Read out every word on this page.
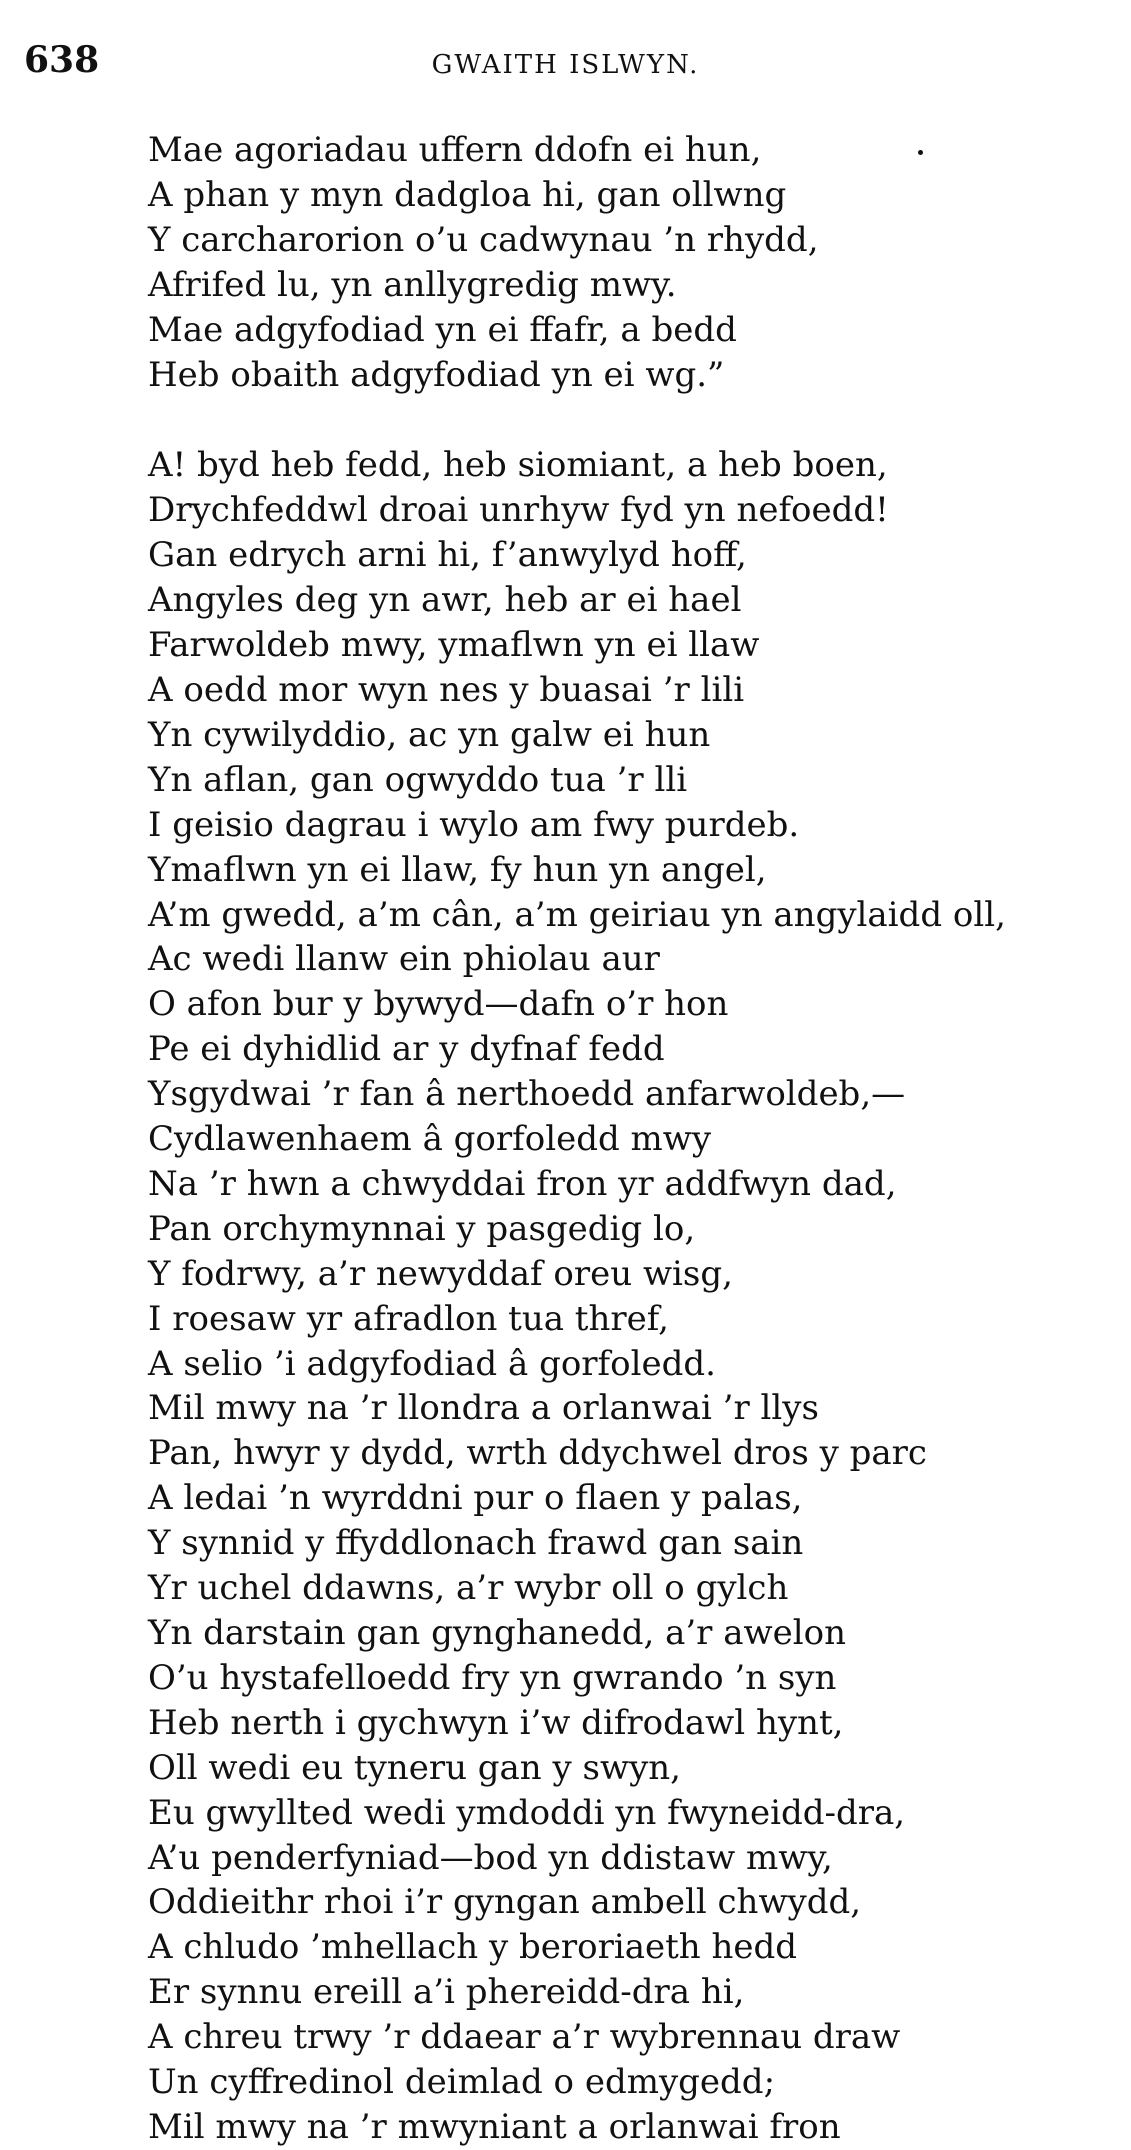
638	GWAITH ISLWYN.
Mae agoriadau uffern ddofn ei hun,
A phan y myn dadgloa hi, gan ollwng
Y carcharorion o’u cadwynau ’n rhydd,
Afrifed lu, yn anllygredig mwy.
Mae adgyfodiad yn ei ffafr, a bedd
Heb obaith adgyfodiad yn ei wg.”
A! byd heb fedd, heb siomiant, a heb boen,
Drychfeddwl droai unrhyw fyd yn nefoedd!
Gan edrych arni hi, f’anwylyd hoff,
Angyles deg yn awr, heb ar ei hael
Farwoldeb mwy, ymaflwn yn ei llaw
A oedd mor wyn nes y buasai ’r lili
Yn cywilyddio, ac yn galw ei hun
Yn aflan, gan ogwyddo tua ’r lli
I geisio dagrau i wylo am fwy purdeb.
Ymaflwn yn ei llaw, fy hun yn angel,
A’m gwedd, a’m cân, a’m geiriau yn angylaidd oll,
Ac wedi llanw ein phiolau aur
O afon bur y bywyd—dafn o’r hon
Pe ei dyhidlid ar y dyfnaf fedd
Ysgydwai ’r fan â nerthoedd anfarwoldeb,—
Cydlawenhaem â gorfoledd mwy
Na ’r hwn a chwyddai fron yr addfwyn dad,
Pan orchymynnai y pasgedig lo,
Y fodrwy, a’r newyddaf oreu wisg,
I roesaw yr afradlon tua thref,
A selio ’i adgyfodiad â gorfoledd.
Mil mwy na ’r llondra a orlanwai ’r llys
Pan, hwyr y dydd, wrth ddychwel dros y parc
A ledai ’n wyrddni pur o flaen y palas,
Y synnid y ffyddlonach frawd gan sain
Yr uchel ddawns, a’r wybr oll o gylch
Yn darstain gan gynghanedd, a’r awelon
O’u hystafelloedd fry yn gwrando ’n syn
Heb nerth i gychwyn i’w difrodawl hynt,
Oll wedi eu tyneru gan y swyn,
Eu gwyllted wedi ymdoddi yn fwyneidd-dra,
A’u penderfyniad—bod yn ddistaw mwy,
Oddieithr rhoi i’r gyngan ambell chwydd,
A chludo ’mhellach y beroriaeth hedd
Er synnu ereill a’i phereidd-dra hi,
A chreu trwy ’r ddaear a’r wybrennau draw
Un cyffredinol deimlad o edmygedd;
Mil mwy na ’r mwyniant a orlanwai fron
